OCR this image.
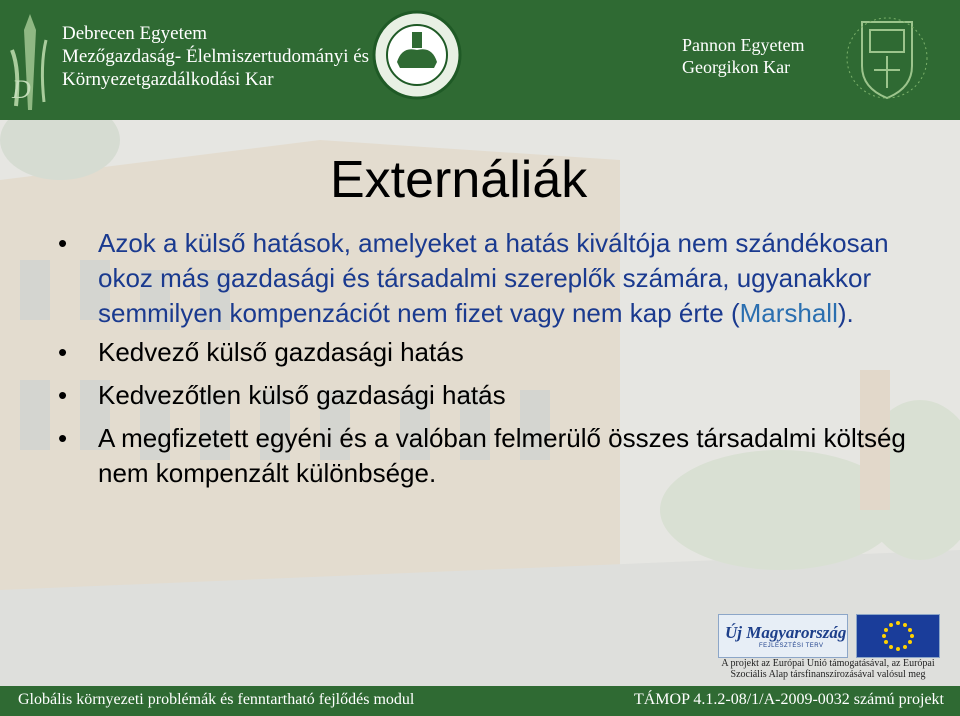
D
Debrecen Egyetem
Mezőgazdaság- Élelmiszertudományi és
Környezetgazdálkodási Kar
Pannon Egyetem
Georgikon Kar
Externáliák
• Azok a külső hatások, amelyeket a hatás kiváltója nem szándékosan okoz más gazdasági és társadalmi szereplők számára, ugyanakkor semmilyen kompenzációt nem fizet vagy nem kap érte (Marshall).
• Kedvező külső gazdasági hatás
• Kedvezőtlen külső gazdasági hatás
• A megfizetett egyéni és a valóban felmerülő összes társadalmi költség nem kompenzált különbsége.
Új Magyarország
FEJLESZTÉSI TERV
A projekt az Európai Unió támogatásával, az Európai
Szociális Alap társfinanszírozásával valósul meg
Globális környezeti problémák és fenntartható fejlődés modul	TÁMOP 4.1.2-08/1/A-2009-0032 számú projekt
